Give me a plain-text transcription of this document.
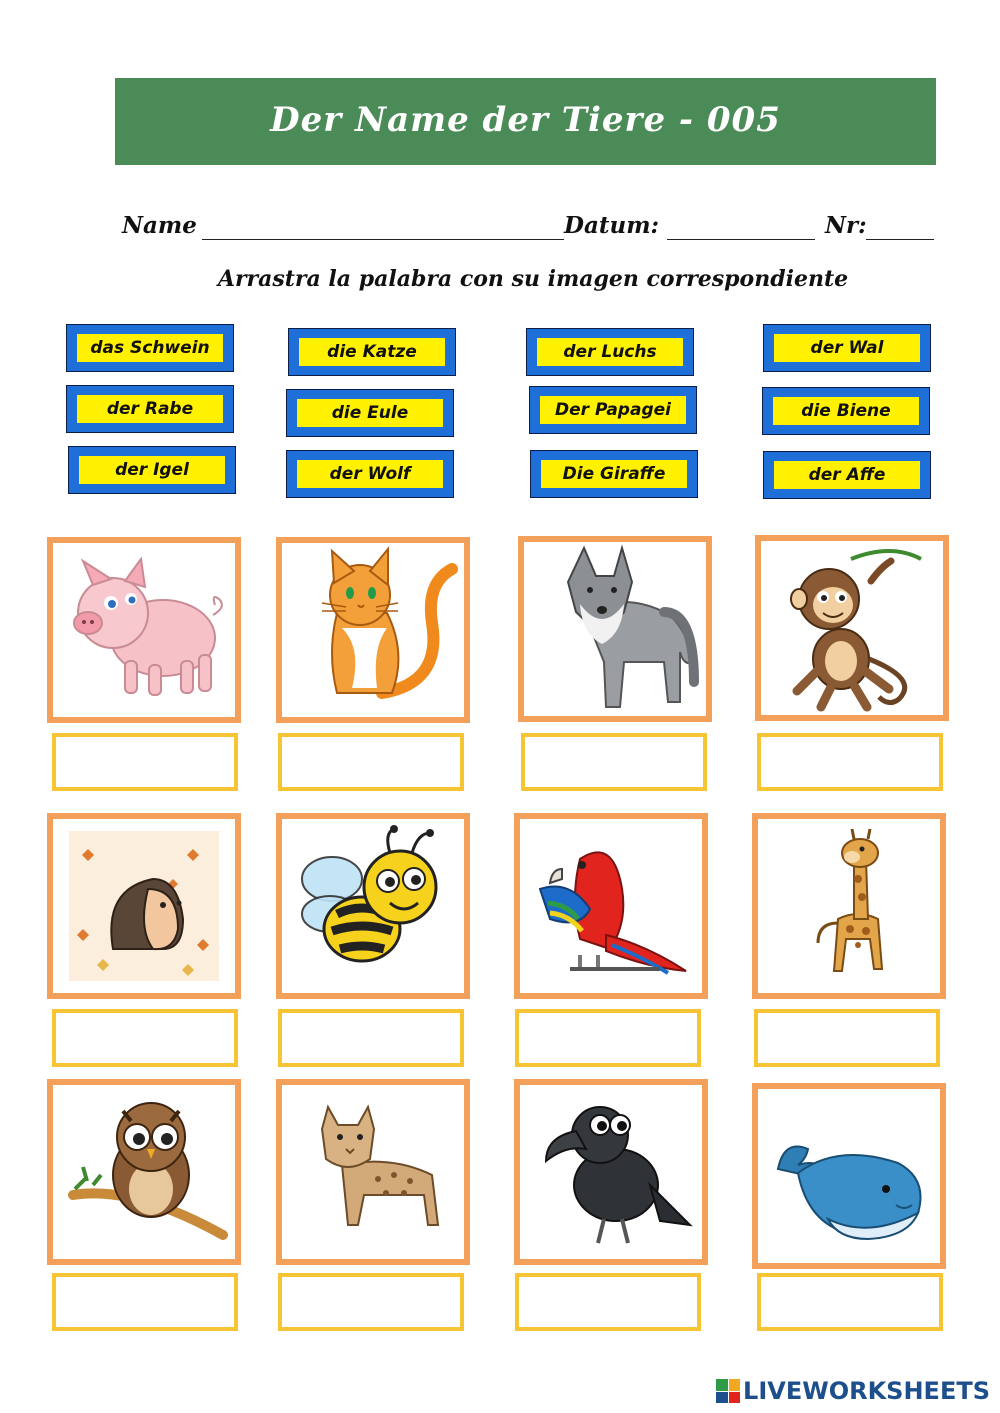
Der Name der Tiere - 005
Name	Datum:	Nr:
Arrastra la palabra con su imagen correspondiente
das Schwein	die Katze	der Luchs	der Wal
der Rabe	die Eule	Der Papagei	die Biene
der Igel	der Wolf	Die Giraffe	der Affe
LIVEWORKSHEETS
